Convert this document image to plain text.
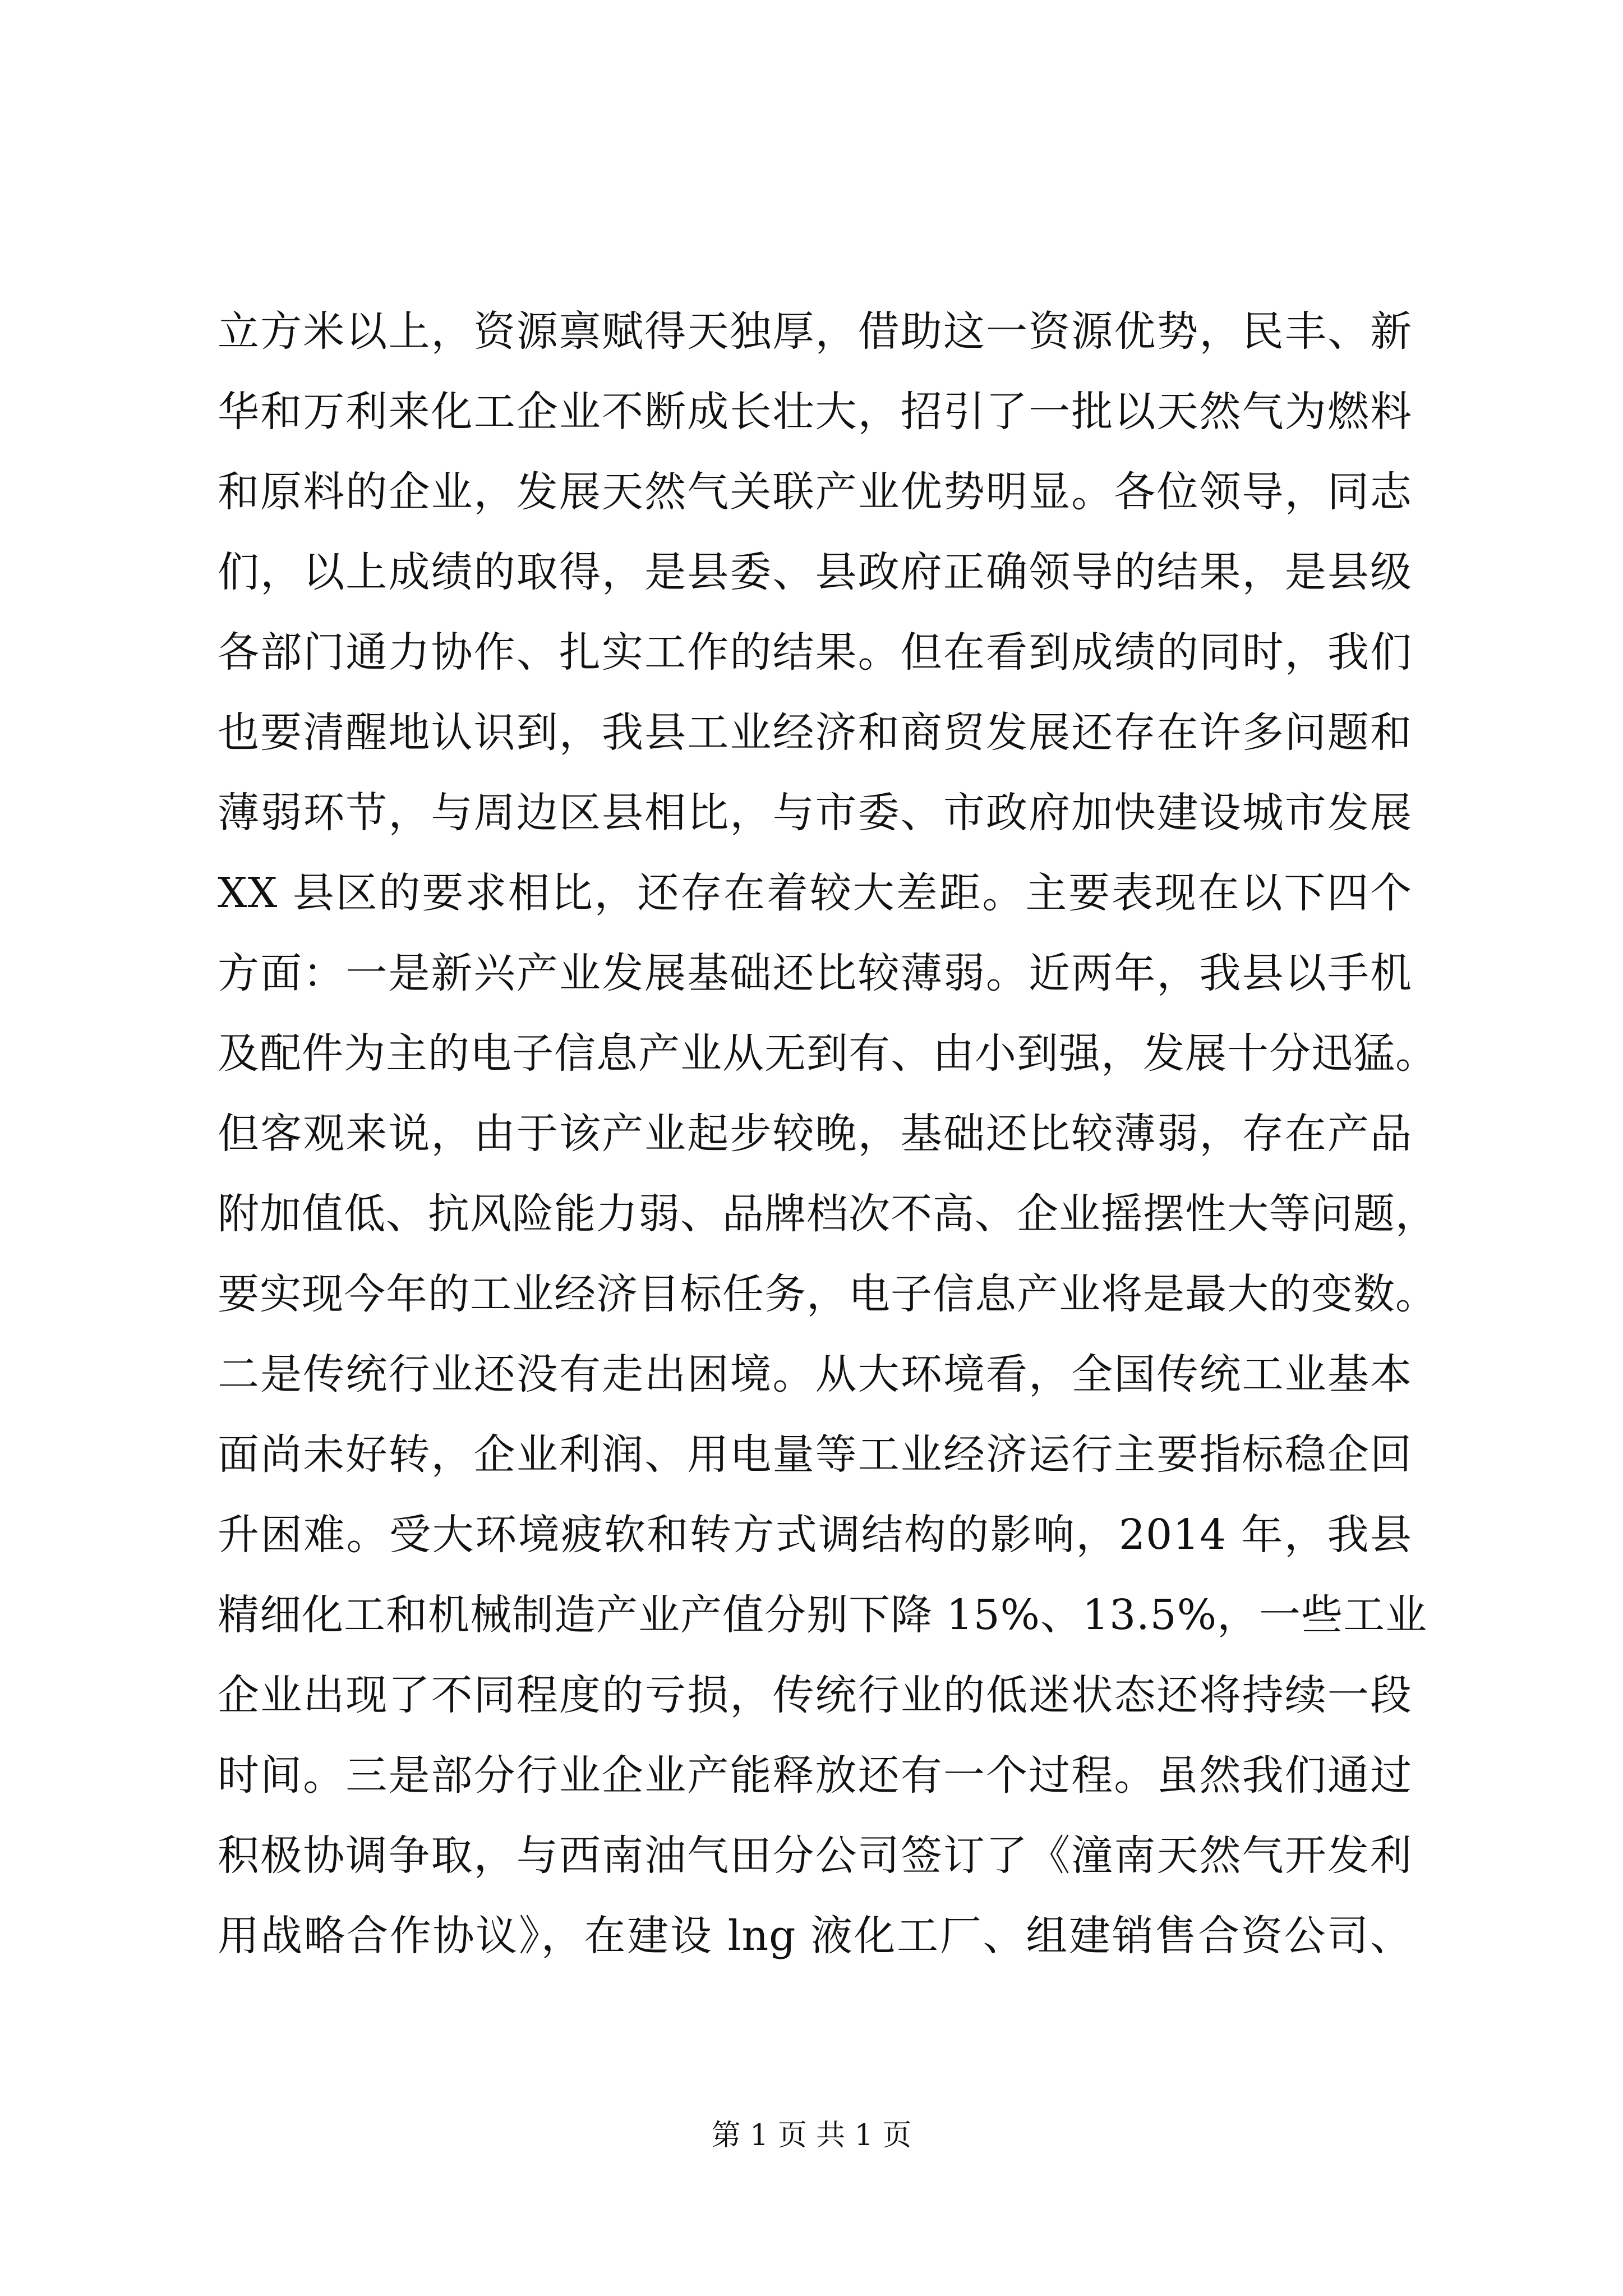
立方米以上，资源禀赋得天独厚，借助这一资源优势，民丰、新
华和万利来化工企业不断成长壮大，招引了一批以天然气为燃料
和原料的企业，发展天然气关联产业优势明显。各位领导，同志
们，以上成绩的取得，是县委、县政府正确领导的结果，是县级
各部门通力协作、扎实工作的结果。但在看到成绩的同时，我们
也要清醒地认识到，我县工业经济和商贸发展还存在许多问题和
薄弱环节，与周边区县相比，与市委、市政府加快建设城市发展
XX 县区的要求相比，还存在着较大差距。主要表现在以下四个
方面：一是新兴产业发展基础还比较薄弱。近两年，我县以手机
及配件为主的电子信息产业从无到有、由小到强，发展十分迅猛。
但客观来说，由于该产业起步较晚，基础还比较薄弱，存在产品
附加值低、抗风险能力弱、品牌档次不高、企业摇摆性大等问题，
要实现今年的工业经济目标任务，电子信息产业将是最大的变数。
二是传统行业还没有走出困境。从大环境看，全国传统工业基本
面尚未好转，企业利润、用电量等工业经济运行主要指标稳企回
升困难。受大环境疲软和转方式调结构的影响，2014 年，我县
精细化工和机械制造产业产值分别下降 15%、13.5%，一些工业
企业出现了不同程度的亏损，传统行业的低迷状态还将持续一段
时间。三是部分行业企业产能释放还有一个过程。虽然我们通过
积极协调争取，与西南油气田分公司签订了《潼南天然气开发利
用战略合作协议》，在建设 lng 液化工厂、组建销售合资公司、
第 1 页 共 1 页
